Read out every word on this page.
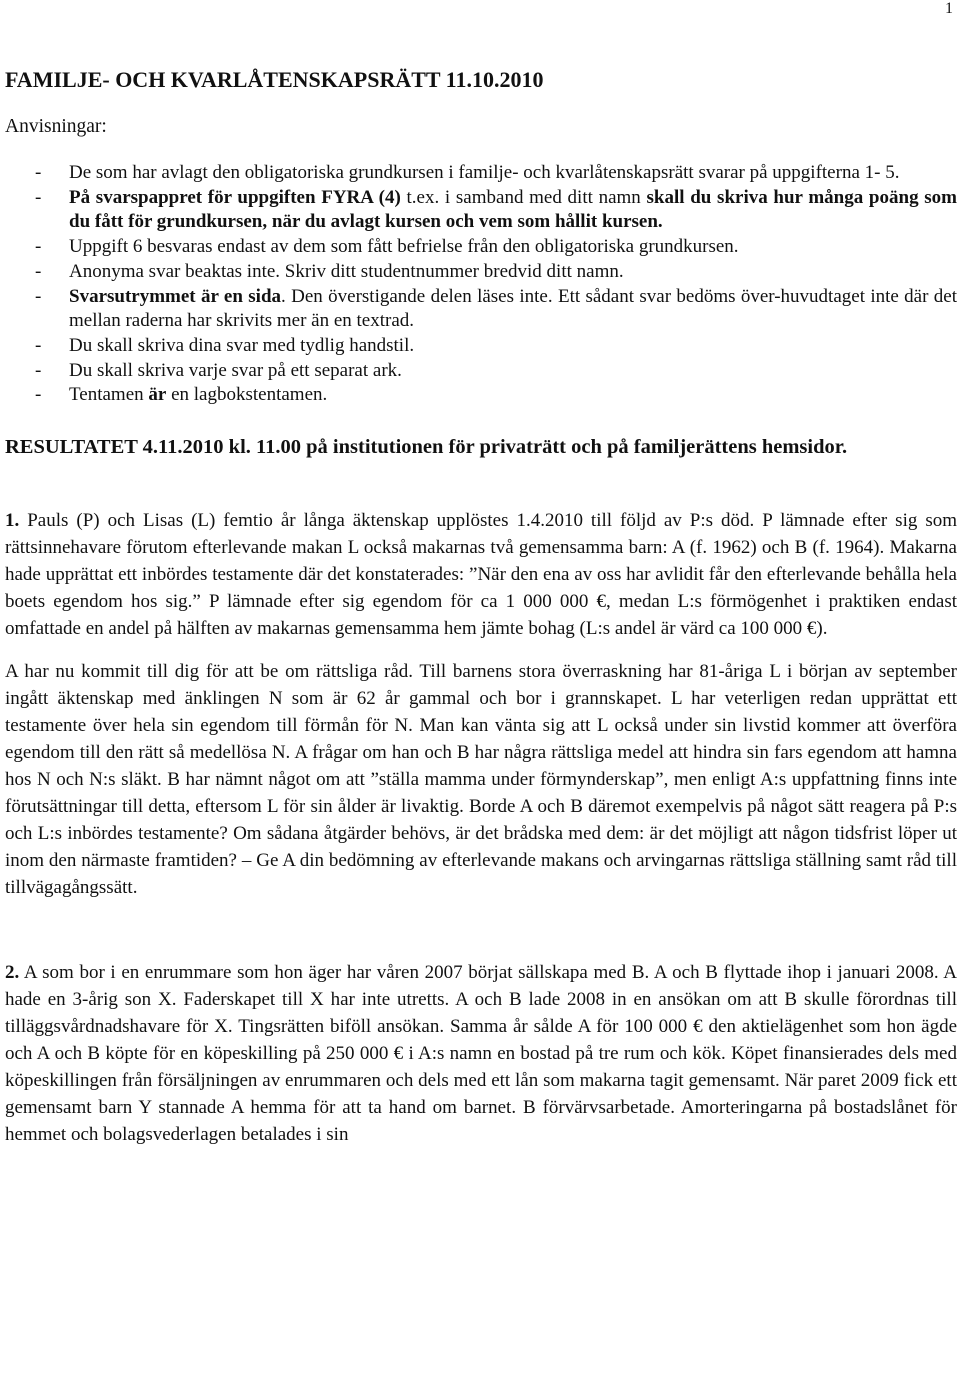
1
FAMILJE- OCH KVARLÅTENSKAPSRÄTT 11.10.2010
Anvisningar:
- De som har avlagt den obligatoriska grundkursen i familje- och kvarlåtenskapsrätt svarar på uppgifterna 1- 5.
- På svarspappret för uppgiften FYRA (4) t.ex. i samband med ditt namn skall du skriva hur många poäng som du fått för grundkursen, när du avlagt kursen och vem som hållit kursen.
- Uppgift 6 besvaras endast av dem som fått befrielse från den obligatoriska grundkursen.
- Anonyma svar beaktas inte. Skriv ditt studentnummer bredvid ditt namn.
- Svarsutrymmet är en sida. Den överstigande delen läses inte. Ett sådant svar bedöms över-huvudtaget inte där det mellan raderna har skrivits mer än en textrad.
- Du skall skriva dina svar med tydlig handstil.
- Du skall skriva varje svar på ett separat ark.
- Tentamen är en lagbokstentamen.

RESULTATET 4.11.2010 kl. 11.00 på institutionen för privaträtt och på familjerättens hemsidor.

1. Pauls (P) och Lisas (L) femtio år långa äktenskap upplöstes 1.4.2010 till följd av P:s död. P lämnade efter sig som rättsinnehavare förutom efterlevande makan L också makarnas två gemensamma barn: A (f. 1962) och B (f. 1964). Makarna hade upprättat ett inbördes testamente där det konstaterades: ”När den ena av oss har avlidit får den efterlevande behålla hela boets egendom hos sig.” P lämnade efter sig egendom för ca 1 000 000 €, medan L:s förmögenhet i praktiken endast omfattade en andel på hälften av makarnas gemensamma hem jämte bohag (L:s andel är värd ca 100 000 €).

A har nu kommit till dig för att be om rättsliga råd. Till barnens stora överraskning har 81-åriga L i början av september ingått äktenskap med änklingen N som är 62 år gammal och bor i grannskapet. L har veterligen redan upprättat ett testamente över hela sin egendom till förmån för N. Man kan vänta sig att L också under sin livstid kommer att överföra egendom till den rätt så medellösa N. A frågar om han och B har några rättsliga medel att hindra sin fars egendom att hamna hos N och N:s släkt. B har nämnt något om att ”ställa mamma under förmynderskap”, men enligt A:s uppfattning finns inte förutsättningar till detta, eftersom L för sin ålder är livaktig. Borde A och B däremot exempelvis på något sätt reagera på P:s och L:s inbördes testamente? Om sådana åtgärder behövs, är det brådska med dem: är det möjligt att någon tidsfrist löper ut inom den närmaste framtiden? – Ge A din bedömning av efterlevande makans och arvingarnas rättsliga ställning samt råd till tillvägagångssätt.

2. A som bor i en enrummare som hon äger har våren 2007 börjat sällskapa med B. A och B flyttade ihop i januari 2008. A hade en 3-årig son X. Faderskapet till X har inte utretts. A och B lade 2008 in en ansökan om att B skulle förordnas till tilläggsvårdnadshavare för X. Tingsrätten biföll ansökan. Samma år sålde A för 100 000 € den aktielägenhet som hon ägde och A och B köpte för en köpeskilling på 250 000 € i A:s namn en bostad på tre rum och kök. Köpet finansierades dels med köpeskillingen från försäljningen av enrummaren och dels med ett lån som makarna tagit gemensamt. När paret 2009 fick ett gemensamt barn Y stannade A hemma för att ta hand om barnet. B förvärvsarbetade. Amorteringarna på bostadslånet för hemmet och bolagsvederlagen betalades i sin
